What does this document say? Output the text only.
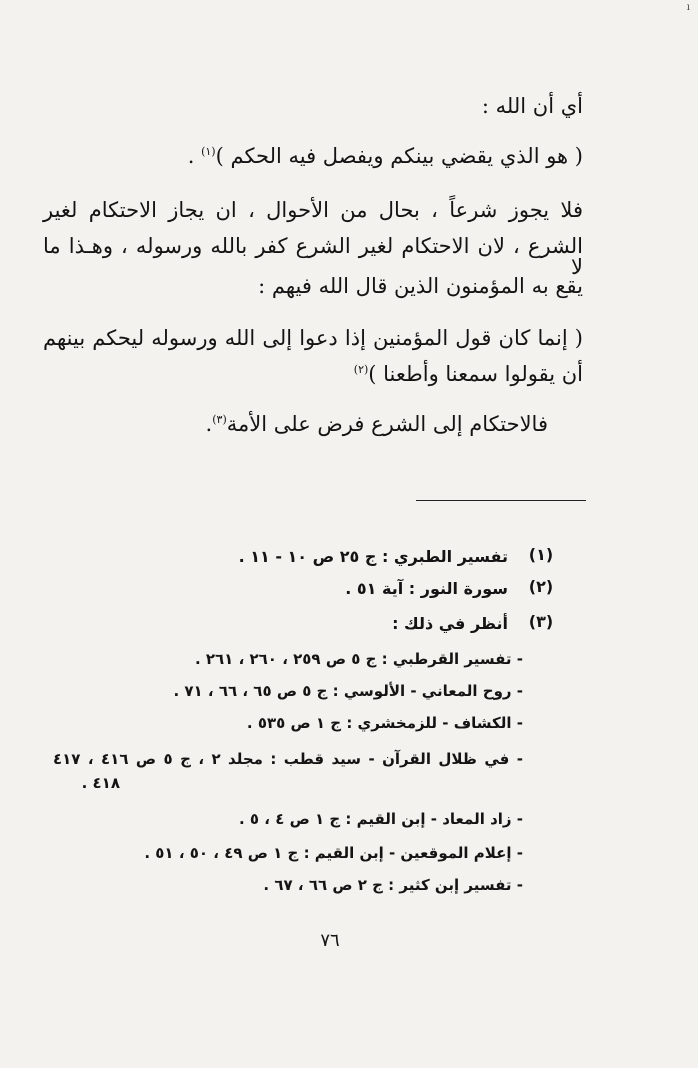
ı
أي أن الله :
( هو الذي يقضي بينكم ويفصل فيه الحكم )$^{(١)}$ .
فلا يجوز شرعاً ، بحال من الأحوال ، ان يجاز الاحتكام لغير
الشرع ، لان الاحتكام لغير الشرع كفر بالله ورسوله ، وهـذا ما لا
يقع به المؤمنون الذين قال الله فيهم :
( إنما كان قول المؤمنين إذا دعوا إلى الله ورسوله ليحكم بينهم
أن يقولوا سمعنا وأطعنا )$^{(٢)}$
فالاحتكام إلى الشرع فرض على الأمة$^{(٣)}$.
(١)
تفسير الطبري : ج ٢٥ ص ١٠ - ١١ .
(٢)
سورة النور : آية ٥١ .
(٣)
أنظر في ذلك :
- تفسير القرطبي : ج ٥ ص ٢٥٩ ، ٢٦٠ ، ٢٦١ .
- روح المعاني - الألوسي : ج ٥ ص ٦٥ ، ٦٦ ، ٧١ .
- الكشاف - للزمخشري : ج ١ ص ٥٣٥ .
- في ظلال القرآن - سيد قطب : مجلد ٢ ، ج ٥ ص ٤١٦ ، ٤١٧
٤١٨ .
- زاد المعاد - إبن القيم : ج ١ ص ٤ ، ٥ .
- إعلام الموقعين - إبن القيم : ج ١ ص ٤٩ ، ٥٠ ، ٥١ .
- تفسير إبن كثير : ج ٢ ص ٦٦ ، ٦٧ .
٧٦
